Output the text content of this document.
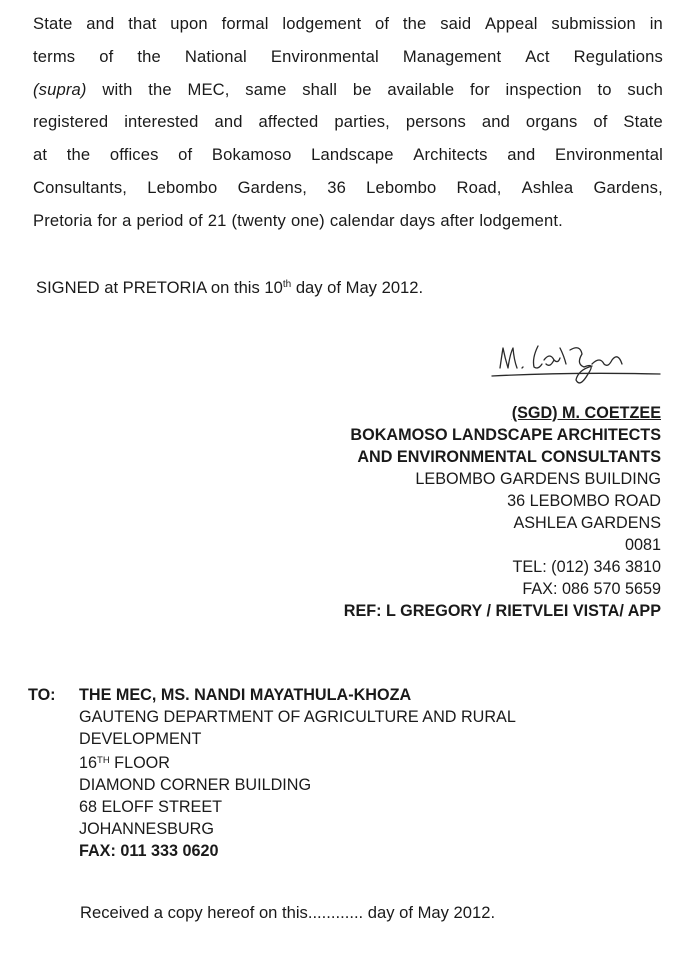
State and that upon formal lodgement of the said Appeal submission in
terms of the National Environmental Management Act Regulations
(supra) with the MEC, same shall be available for inspection to such
registered interested and affected parties, persons and organs of State
at the offices of Bokamoso Landscape Architects and Environmental
Consultants, Lebombo Gardens, 36 Lebombo Road, Ashlea Gardens,
Pretoria for a period of 21 (twenty one) calendar days after lodgement.
SIGNED at PRETORIA on this 10th day of May 2012.
(SGD) M. COETZEE
BOKAMOSO LANDSCAPE ARCHITECTS
AND ENVIRONMENTAL CONSULTANTS
LEBOMBO GARDENS BUILDING
36 LEBOMBO ROAD
ASHLEA GARDENS
0081
TEL: (012) 346 3810
FAX: 086 570 5659
REF: L GREGORY / RIETVLEI VISTA/ APP
TO: THE MEC, MS. NANDI MAYATHULA-KHOZA
GAUTENG DEPARTMENT OF AGRICULTURE AND RURAL
DEVELOPMENT
16TH FLOOR
DIAMOND CORNER BUILDING
68 ELOFF STREET
JOHANNESBURG
FAX: 011 333 0620
Received a copy hereof on this............ day of May 2012.
